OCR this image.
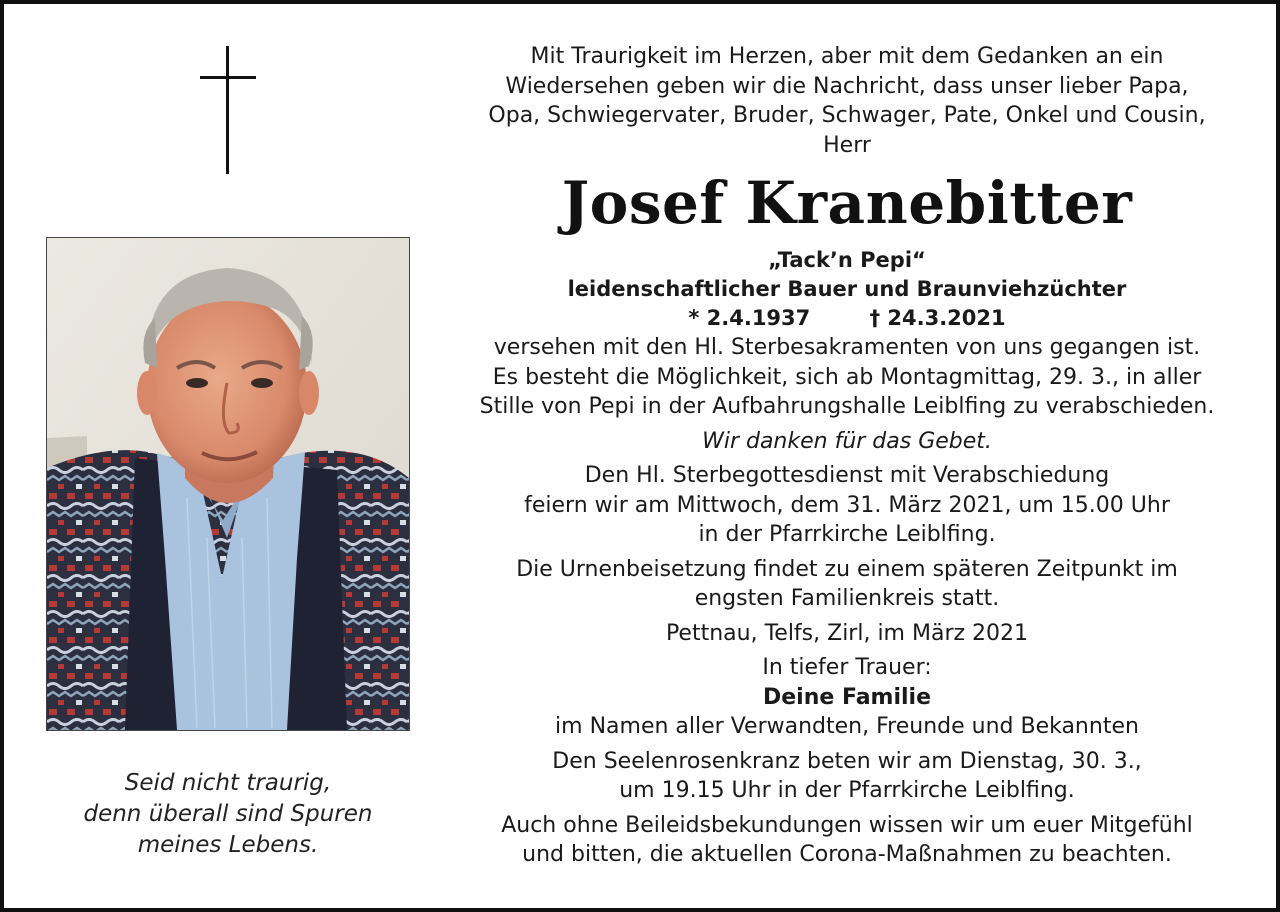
Seid nicht traurig,
denn überall sind Spuren
meines Lebens.
Mit Traurigkeit im Herzen, aber mit dem Gedanken an ein
Wiedersehen geben wir die Nachricht, dass unser lieber Papa,
Opa, Schwiegervater, Bruder, Schwager, Pate, Onkel und Cousin,
Herr
Josef Kranebitter
„Tack’n Pepi“
leidenschaftlicher Bauer und Braunviehzüchter
* 2.4.1937	† 24.3.2021
versehen mit den Hl. Sterbesakramenten von uns gegangen ist.
Es besteht die Möglichkeit, sich ab Montagmittag, 29. 3., in aller
Stille von Pepi in der Aufbahrungshalle Leiblfing zu verabschieden.
Wir danken für das Gebet.
Den Hl. Sterbegottesdienst mit Verabschiedung
feiern wir am Mittwoch, dem 31. März 2021, um 15.00 Uhr
in der Pfarrkirche Leiblfing.
Die Urnenbeisetzung findet zu einem späteren Zeitpunkt im
engsten Familienkreis statt.
Pettnau, Telfs, Zirl, im März 2021
In tiefer Trauer:
Deine Familie
im Namen aller Verwandten, Freunde und Bekannten
Den Seelenrosenkranz beten wir am Dienstag, 30. 3.,
um 19.15 Uhr in der Pfarrkirche Leiblfing.
Auch ohne Beileidsbekundungen wissen wir um euer Mitgefühl
und bitten, die aktuellen Corona-Maßnahmen zu beachten.
